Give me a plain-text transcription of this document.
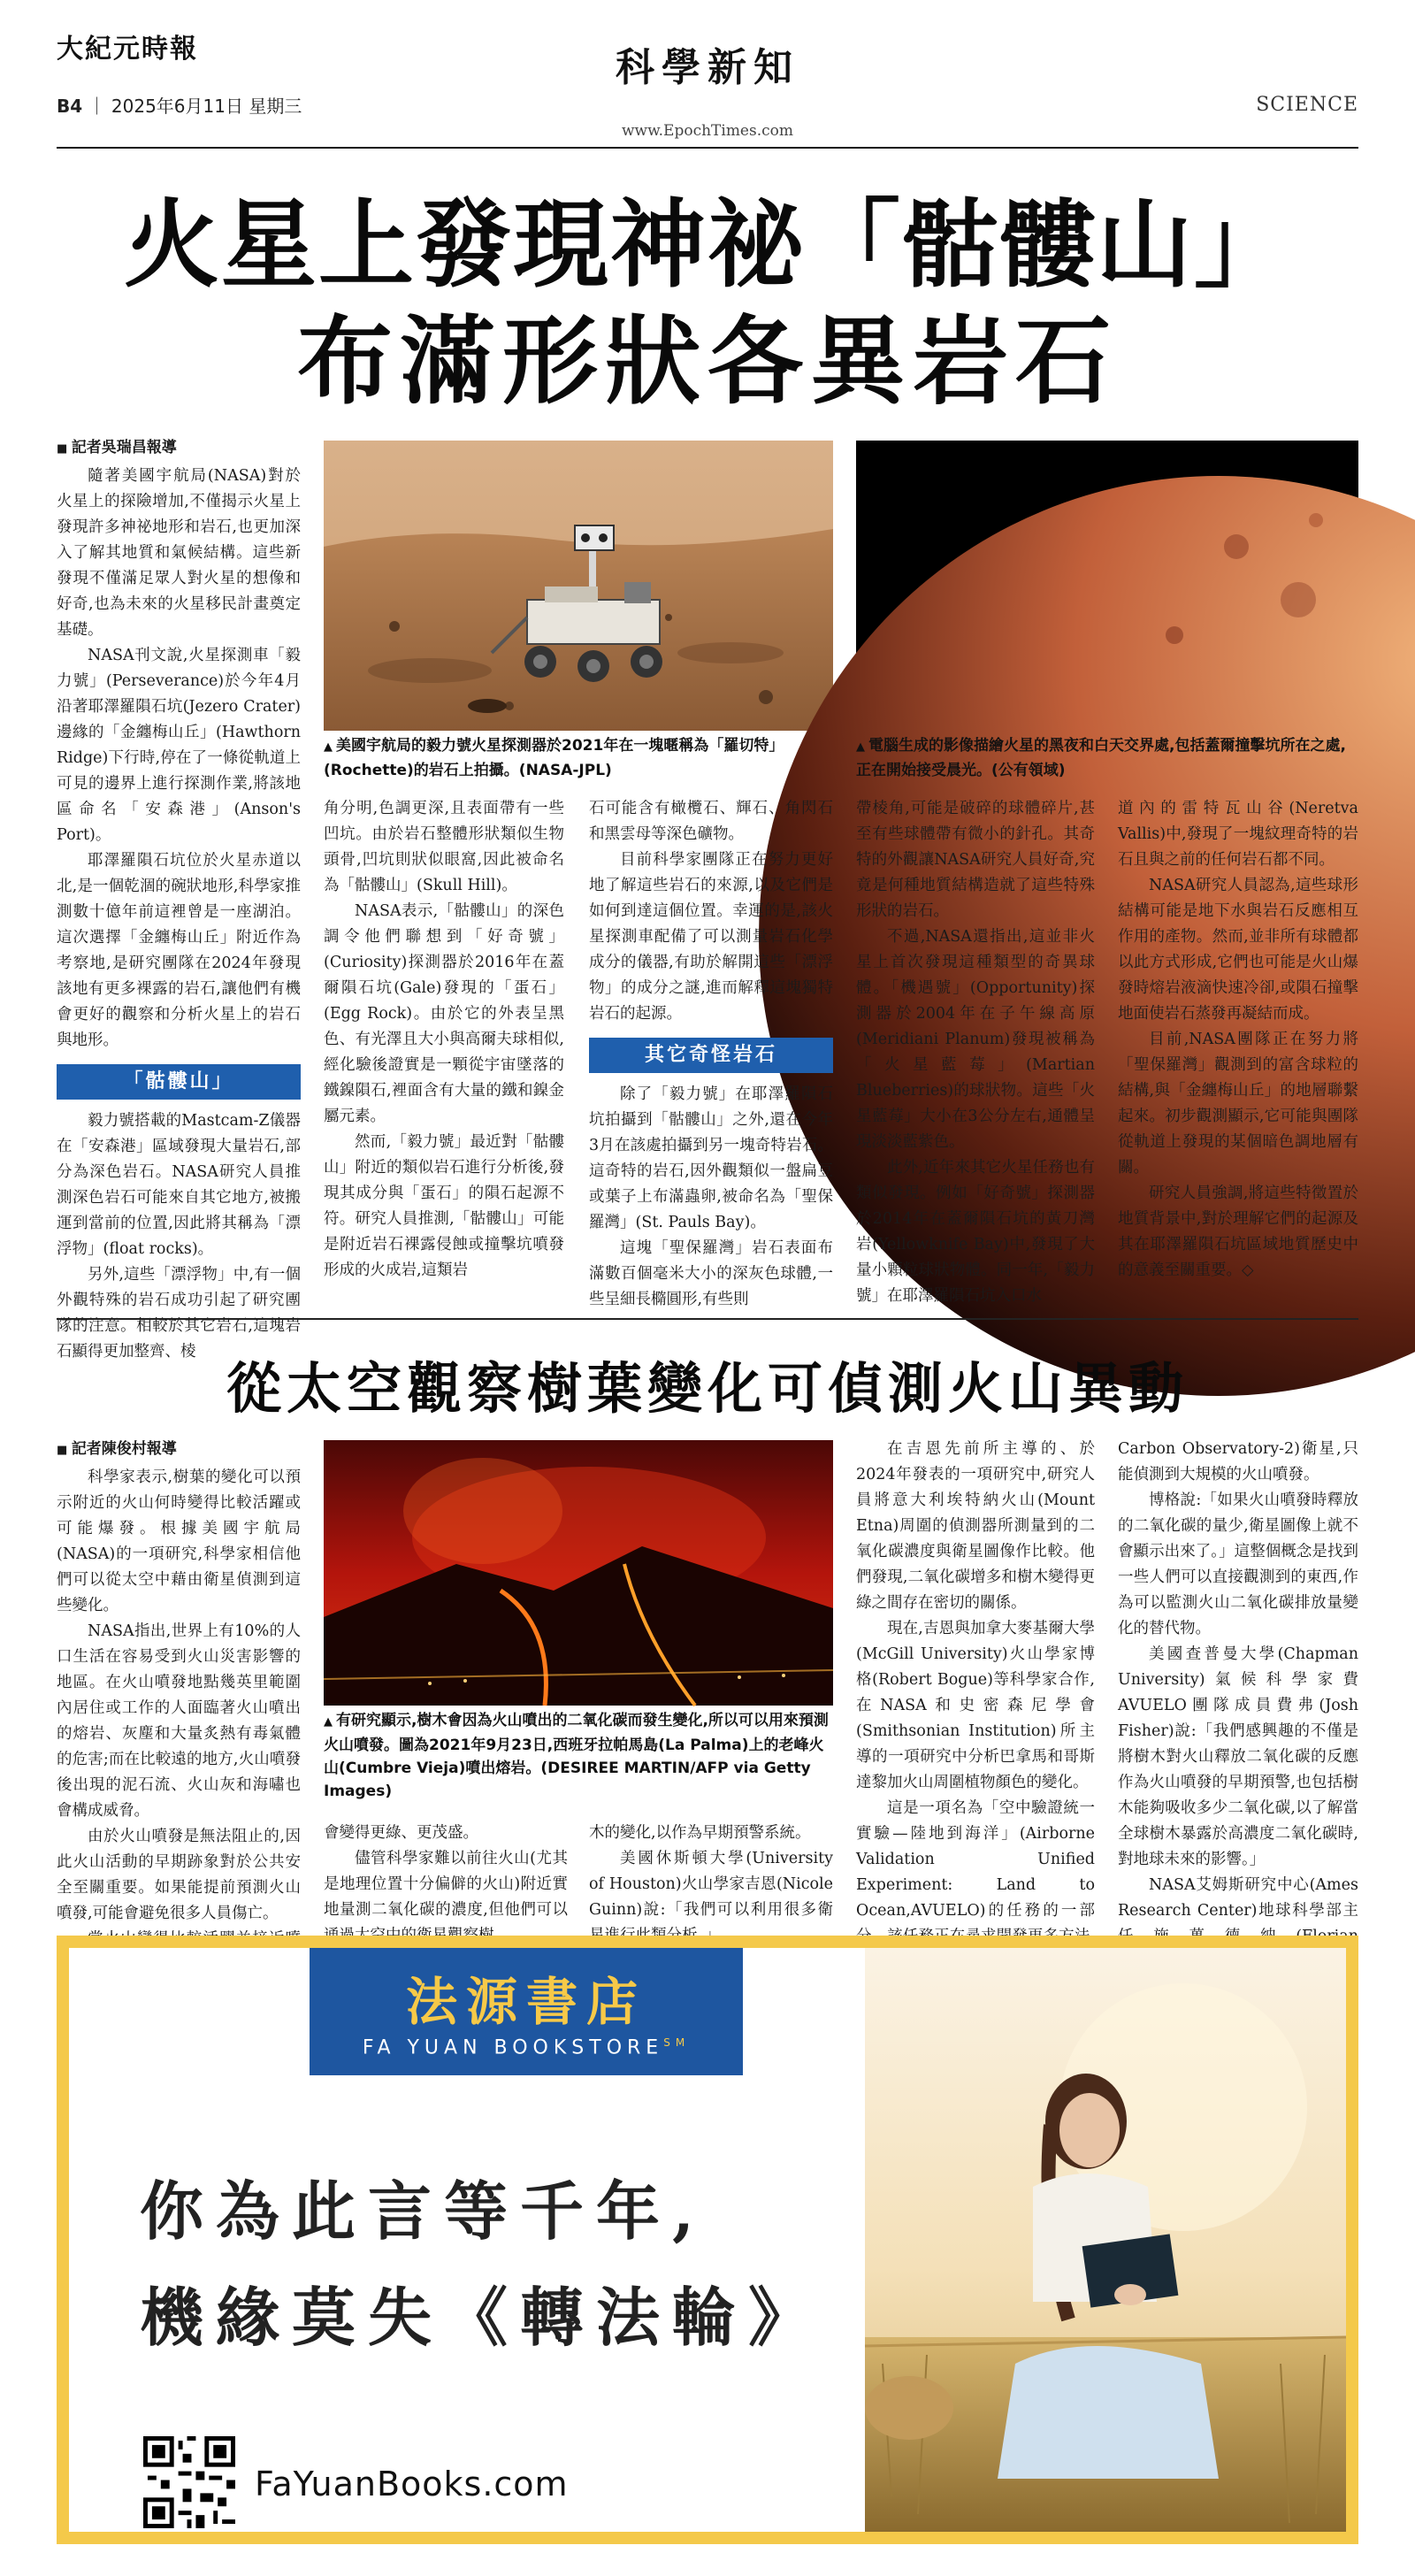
大紀元時報
B4 ｜ 2025年6月11日 星期三
科學新知
www.EpochTimes.com
SCIENCE
火星上發現神祕「骷髏山」
布滿形狀各異岩石
▲ 美國宇航局的毅力號火星探測器於2021年在一塊暱稱為「羅切特」(Rochette)的岩石上拍攝。(NASA-JPL)
▲ 電腦生成的影像描繪火星的黑夜和白天交界處,包括蓋爾撞擊坑所在之處,正在開始接受晨光。(公有領域)
■ 記者吳瑞昌報導

隨著美國宇航局(NASA)對於火星上的探險增加,不僅揭示火星上發現許多神祕地形和岩石,也更加深入了解其地質和氣候結構。這些新發現不僅滿足眾人對火星的想像和好奇,也為未來的火星移民計畫奠定基礎。

NASA刊文說,火星探測車「毅力號」(Perseverance)於今年4月沿著耶澤羅隕石坑(Jezero Crater)邊緣的「金纏梅山丘」(Hawthorn Ridge)下行時,停在了一條從軌道上可見的邊界上進行探測作業,將該地區命名「安森港」(Anson's Port)。

耶澤羅隕石坑位於火星赤道以北,是一個乾涸的碗狀地形,科學家推測數十億年前這裡曾是一座湖泊。這次選擇「金纏梅山丘」附近作為考察地,是研究團隊在2024年發現該地有更多裸露的岩石,讓他們有機會更好的觀察和分析火星上的岩石與地形。

「骷髏山」

毅力號搭載的Mastcam-Z儀器在「安森港」區域發現大量岩石,部分為深色岩石。NASA研究人員推測深色岩石可能來自其它地方,被搬運到當前的位置,因此將其稱為「漂浮物」(float rocks)。

另外,這些「漂浮物」中,有一個外觀特殊的岩石成功引起了研究團隊的注意。相較於其它岩石,這塊岩石顯得更加整齊、棱

角分明,色調更深,且表面帶有一些凹坑。由於岩石整體形狀類似生物頭骨,凹坑則狀似眼窩,因此被命名為「骷髏山」(Skull Hill)。

NASA表示,「骷髏山」的深色調令他們聯想到「好奇號」(Curiosity)探測器於2016年在蓋爾隕石坑(Gale)發現的「蛋石」(Egg Rock)。由於它的外表呈黑色、有光澤且大小與高爾夫球相似,經化驗後證實是一顆從宇宙墜落的鐵鎳隕石,裡面含有大量的鐵和鎳金屬元素。

然而,「毅力號」最近對「骷髏山」附近的類似岩石進行分析後,發現其成分與「蛋石」的隕石起源不符。研究人員推測,「骷髏山」可能是附近岩石裸露侵蝕或撞擊坑噴發形成的火成岩,這類岩

石可能含有橄欖石、輝石、角閃石和黑雲母等深色礦物。

目前科學家團隊正在努力更好地了解這些岩石的來源,以及它們是如何到達這個位置。幸運的是,該火星探測車配備了可以測量岩石化學成分的儀器,有助於解開這些「漂浮物」的成分之謎,進而解釋這塊獨特岩石的起源。

其它奇怪岩石

除了「毅力號」在耶澤羅隕石坑拍攝到「骷髏山」之外,還在今年3月在該處拍攝到另一塊奇特岩石。這奇特的岩石,因外觀類似一盤扁豆或葉子上布滿蟲卵,被命名為「聖保羅灣」(St. Pauls Bay)。

這塊「聖保羅灣」岩石表面布滿數百個毫米大小的深灰色球體,一些呈細長橢圓形,有些則

帶棱角,可能是破碎的球體碎片,甚至有些球體帶有微小的針孔。其奇特的外觀讓NASA研究人員好奇,究竟是何種地質結構造就了這些特殊形狀的岩石。

不過,NASA還指出,這並非火星上首次發現這種類型的奇異球體。「機遇號」(Opportunity)探測器於2004年在子午線高原(Meridiani Planum)發現被稱為「火星藍莓」(Martian Blueberries)的球狀物。這些「火星藍莓」大小在3公分左右,通體呈現淡淡藍紫色。

此外,近年來其它火星任務也有類似發現。例如「好奇號」探測器於2014年在蓋爾隕石坑的黃刀灣岩(Yellowknife Bay)中,發現了大量小顆粒球狀物體。同一年,「毅力號」在耶澤羅隕石坑入口水

道內的雷特瓦山谷(Neretva Vallis)中,發現了一塊紋理奇特的岩石且與之前的任何岩石都不同。

NASA研究人員認為,這些球形結構可能是地下水與岩石反應相互作用的產物。然而,並非所有球體都以此方式形成,它們也可能是火山爆發時熔岩液滴快速冷卻,或隕石撞擊地面使岩石蒸發再凝結而成。

目前,NASA團隊正在努力將「聖保羅灣」觀測到的富含球粒的結構,與「金纏梅山丘」的地層聯繫起來。初步觀測顯示,它可能與團隊從軌道上發現的某個暗色調地層有關。

研究人員強調,將這些特徵置於地質背景中,對於理解它們的起源及其在耶澤羅隕石坑區域地質歷史中的意義至關重要。◇

從太空觀察樹葉變化可偵測火山異動
▲ 有研究顯示,樹木會因為火山噴出的二氧化碳而發生變化,所以可以用來預測火山噴發。圖為2021年9月23日,西班牙拉帕馬島(La Palma)上的老峰火山(Cumbre Vieja)噴出熔岩。(DESIREE MARTIN/AFP via Getty Images)
■ 記者陳俊村報導

科學家表示,樹葉的變化可以預示附近的火山何時變得比較活躍或可能爆發。根據美國宇航局(NASA)的一項研究,科學家相信他們可以從太空中藉由衛星偵測到這些變化。

NASA指出,世界上有10%的人口生活在容易受到火山災害影響的地區。在火山噴發地點幾英里範圍內居住或工作的人面臨著火山噴出的熔岩、灰塵和大量炙熱有毒氣體的危害;而在比較遠的地方,火山噴發後出現的泥石流、火山灰和海嘯也會構成威脅。

由於火山噴發是無法阻止的,因此火山活動的早期跡象對於公共安全至關重要。如果能提前預測火山噴發,可能會避免很多人員傷亡。

會變得更綠、更茂盛。

儘管科學家難以前往火山(尤其是地理位置十分偏僻的火山)附近實地量測二氧化碳的濃度,但他們可以

木的變化,以作為早期預警系統。

美國休斯頓大學(University of Houston)火山學家吉恩(Nicole Guinn)說:「我們可以利用很多衛

在吉恩先前所主導的、於2024年發表的一項研究中,研究人員將意大利埃特納火山(Mount Etna)周圍的偵測器所測量到的二氧化碳濃度與衛星圖像作比較。他們發現,二氧化碳增多和樹木變得更綠之間存在密切的關係。

現在,吉恩與加拿大麥基爾大學(McGill University)火山學家博格(Robert Bogue)等科學家合作,在NASA和史密森尼學會(Smithsonian Institution)所主導的一項研究中分析巴拿馬和哥斯達黎加火山周圍植物顏色的變化。

這是一項名為「空中驗證統一實驗—陸地到海洋」(Airborne Validation Unified Experiment: Land to Ocean,AVUELO)的任務的一部

Carbon Observatory-2)衛星,只能偵測到大規模的火山噴發。

博格說:「如果火山噴發時釋放的二氧化碳的量少,衛星圖像上就不會顯示出來了。」這整個概念是找到一些人們可以直接觀測到的東西,作為可以監測火山二氧化碳排放量變化的替代物。

美國查普曼大學(Chapman University)氣候科學家費AVUELO團隊成員費弗(Josh Fisher)說:「我們感興趣的不僅是將樹木對火山釋放二氧化碳的反應作為火山噴發的早期預警,也包括樹木能夠吸收多少二氧化碳,以了解當全球樹木暴露於高濃度二氧化碳時,對地球未來的影響。」

NASA艾姆斯研究中心(Ames Research Center)地球科學部主

法源書店
FA YUAN BOOKSTORE℠
你為此言等千年,
機緣莫失《轉法輪》
FaYuanBooks.com
